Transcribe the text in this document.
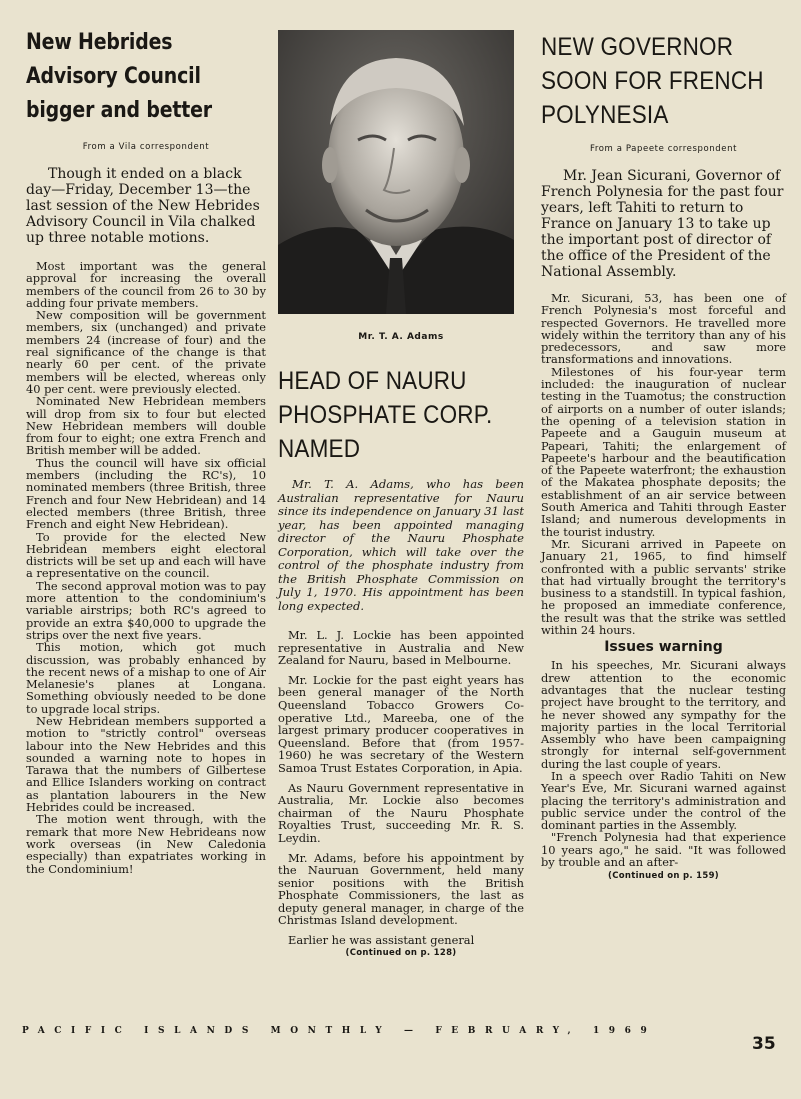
New Hebrides
Advisory Council
bigger and better
From a Vila correspondent
Though it ended on a black day—Friday, December 13—the last session of the New Hebrides Advisory Council in Vila chalked up three notable motions.

Most important was the general approval for increasing the overall members of the council from 26 to 30 by adding four private members.

New composition will be government members, six (unchanged) and private members 24 (increase of four) and the real significance of the change is that nearly 60 per cent. of the private members will be elected, whereas only 40 per cent. were previously elected.

Nominated New Hebridean members will drop from six to four but elected New Hebridean members will double from four to eight; one extra French and British member will be added.

Thus the council will have six official members (including the RC's), 10 nominated members (three British, three French and four New Hebridean) and 14 elected members (three British, three French and eight New Hebridean).

To provide for the elected New Hebridean members eight electoral districts will be set up and each will have a representative on the council.

The second approval motion was to pay more attention to the condominium's variable airstrips; both RC's agreed to provide an extra $40,000 to upgrade the strips over the next five years.

This motion, which got much discussion, was probably enhanced by the recent news of a mishap to one of Air Melanesie's planes at Longana. Something obviously needed to be done to upgrade local strips.

New Hebridean members supported a motion to "strictly control" overseas labour into the New Hebrides and this sounded a warning note to hopes in Tarawa that the numbers of Gilbertese and Ellice Islanders working on contract as plantation labourers in the New Hebrides could be increased.

The motion went through, with the remark that more New Hebrideans now work overseas (in New Caledonia especially) than expatriates working in the Condominium!

Mr. T. A. Adams
HEAD OF NAURU
PHOSPHATE CORP.
NAMED
Mr. T. A. Adams, who has been Australian representative for Nauru since its independence on January 31 last year, has been appointed managing director of the Nauru Phosphate Corporation, which will take over the control of the phosphate industry from the British Phosphate Commission on July 1, 1970. His appointment has been long expected.

Mr. L. J. Lockie has been appointed representative in Australia and New Zealand for Nauru, based in Melbourne.

Mr. Lockie for the past eight years has been general manager of the North Queensland Tobacco Growers Co-operative Ltd., Mareeba, one of the largest primary producer cooperatives in Queensland. Before that (from 1957-1960) he was secretary of the Western Samoa Trust Estates Corporation, in Apia.

As Nauru Government representative in Australia, Mr. Lockie also becomes chairman of the Nauru Phosphate Royalties Trust, succeeding Mr. R. S. Leydin.

Mr. Adams, before his appointment by the Nauruan Government, held many senior positions with the British Phosphate Commissioners, the last as deputy general manager, in charge of the Christmas Island development.

Earlier he was assistant general

(Continued on p. 128)
NEW GOVERNOR
SOON FOR FRENCH
POLYNESIA
From a Papeete correspondent
Mr. Jean Sicurani, Governor of French Polynesia for the past four years, left Tahiti to return to France on January 13 to take up the important post of director of the office of the President of the National Assembly.

Mr. Sicurani, 53, has been one of French Polynesia's most forceful and respected Governors. He travelled more widely within the territory than any of his predecessors, and saw more transformations and innovations.

Milestones of his four-year term included: the inauguration of nuclear testing in the Tuamotus; the construction of airports on a number of outer islands; the opening of a television station in Papeete and a Gauguin museum at Papeari, Tahiti; the enlargement of Papeete's harbour and the beautification of the Papeete waterfront; the exhaustion of the Makatea phosphate deposits; the establishment of an air service between South America and Tahiti through Easter Island; and numerous developments in the tourist industry.

Mr. Sicurani arrived in Papeete on January 21, 1965, to find himself confronted with a public servants' strike that had virtually brought the territory's business to a standstill. In typical fashion, he proposed an immediate conference, the result was that the strike was settled within 24 hours.

Issues warning

In his speeches, Mr. Sicurani always drew attention to the economic advantages that the nuclear testing project have brought to the territory, and he never showed any sympathy for the majority parties in the local Territorial Assembly who have been campaigning strongly for internal self-government during the last couple of years.

In a speech over Radio Tahiti on New Year's Eve, Mr. Sicurani warned against placing the territory's administration and public service under the control of the dominant parties in the Assembly.

"French Polynesia had that experience 10 years ago," he said. "It was followed by trouble and an after-

(Continued on p. 159)
PACIFIC ISLANDS MONTHLY — FEBRUARY, 1969
35
